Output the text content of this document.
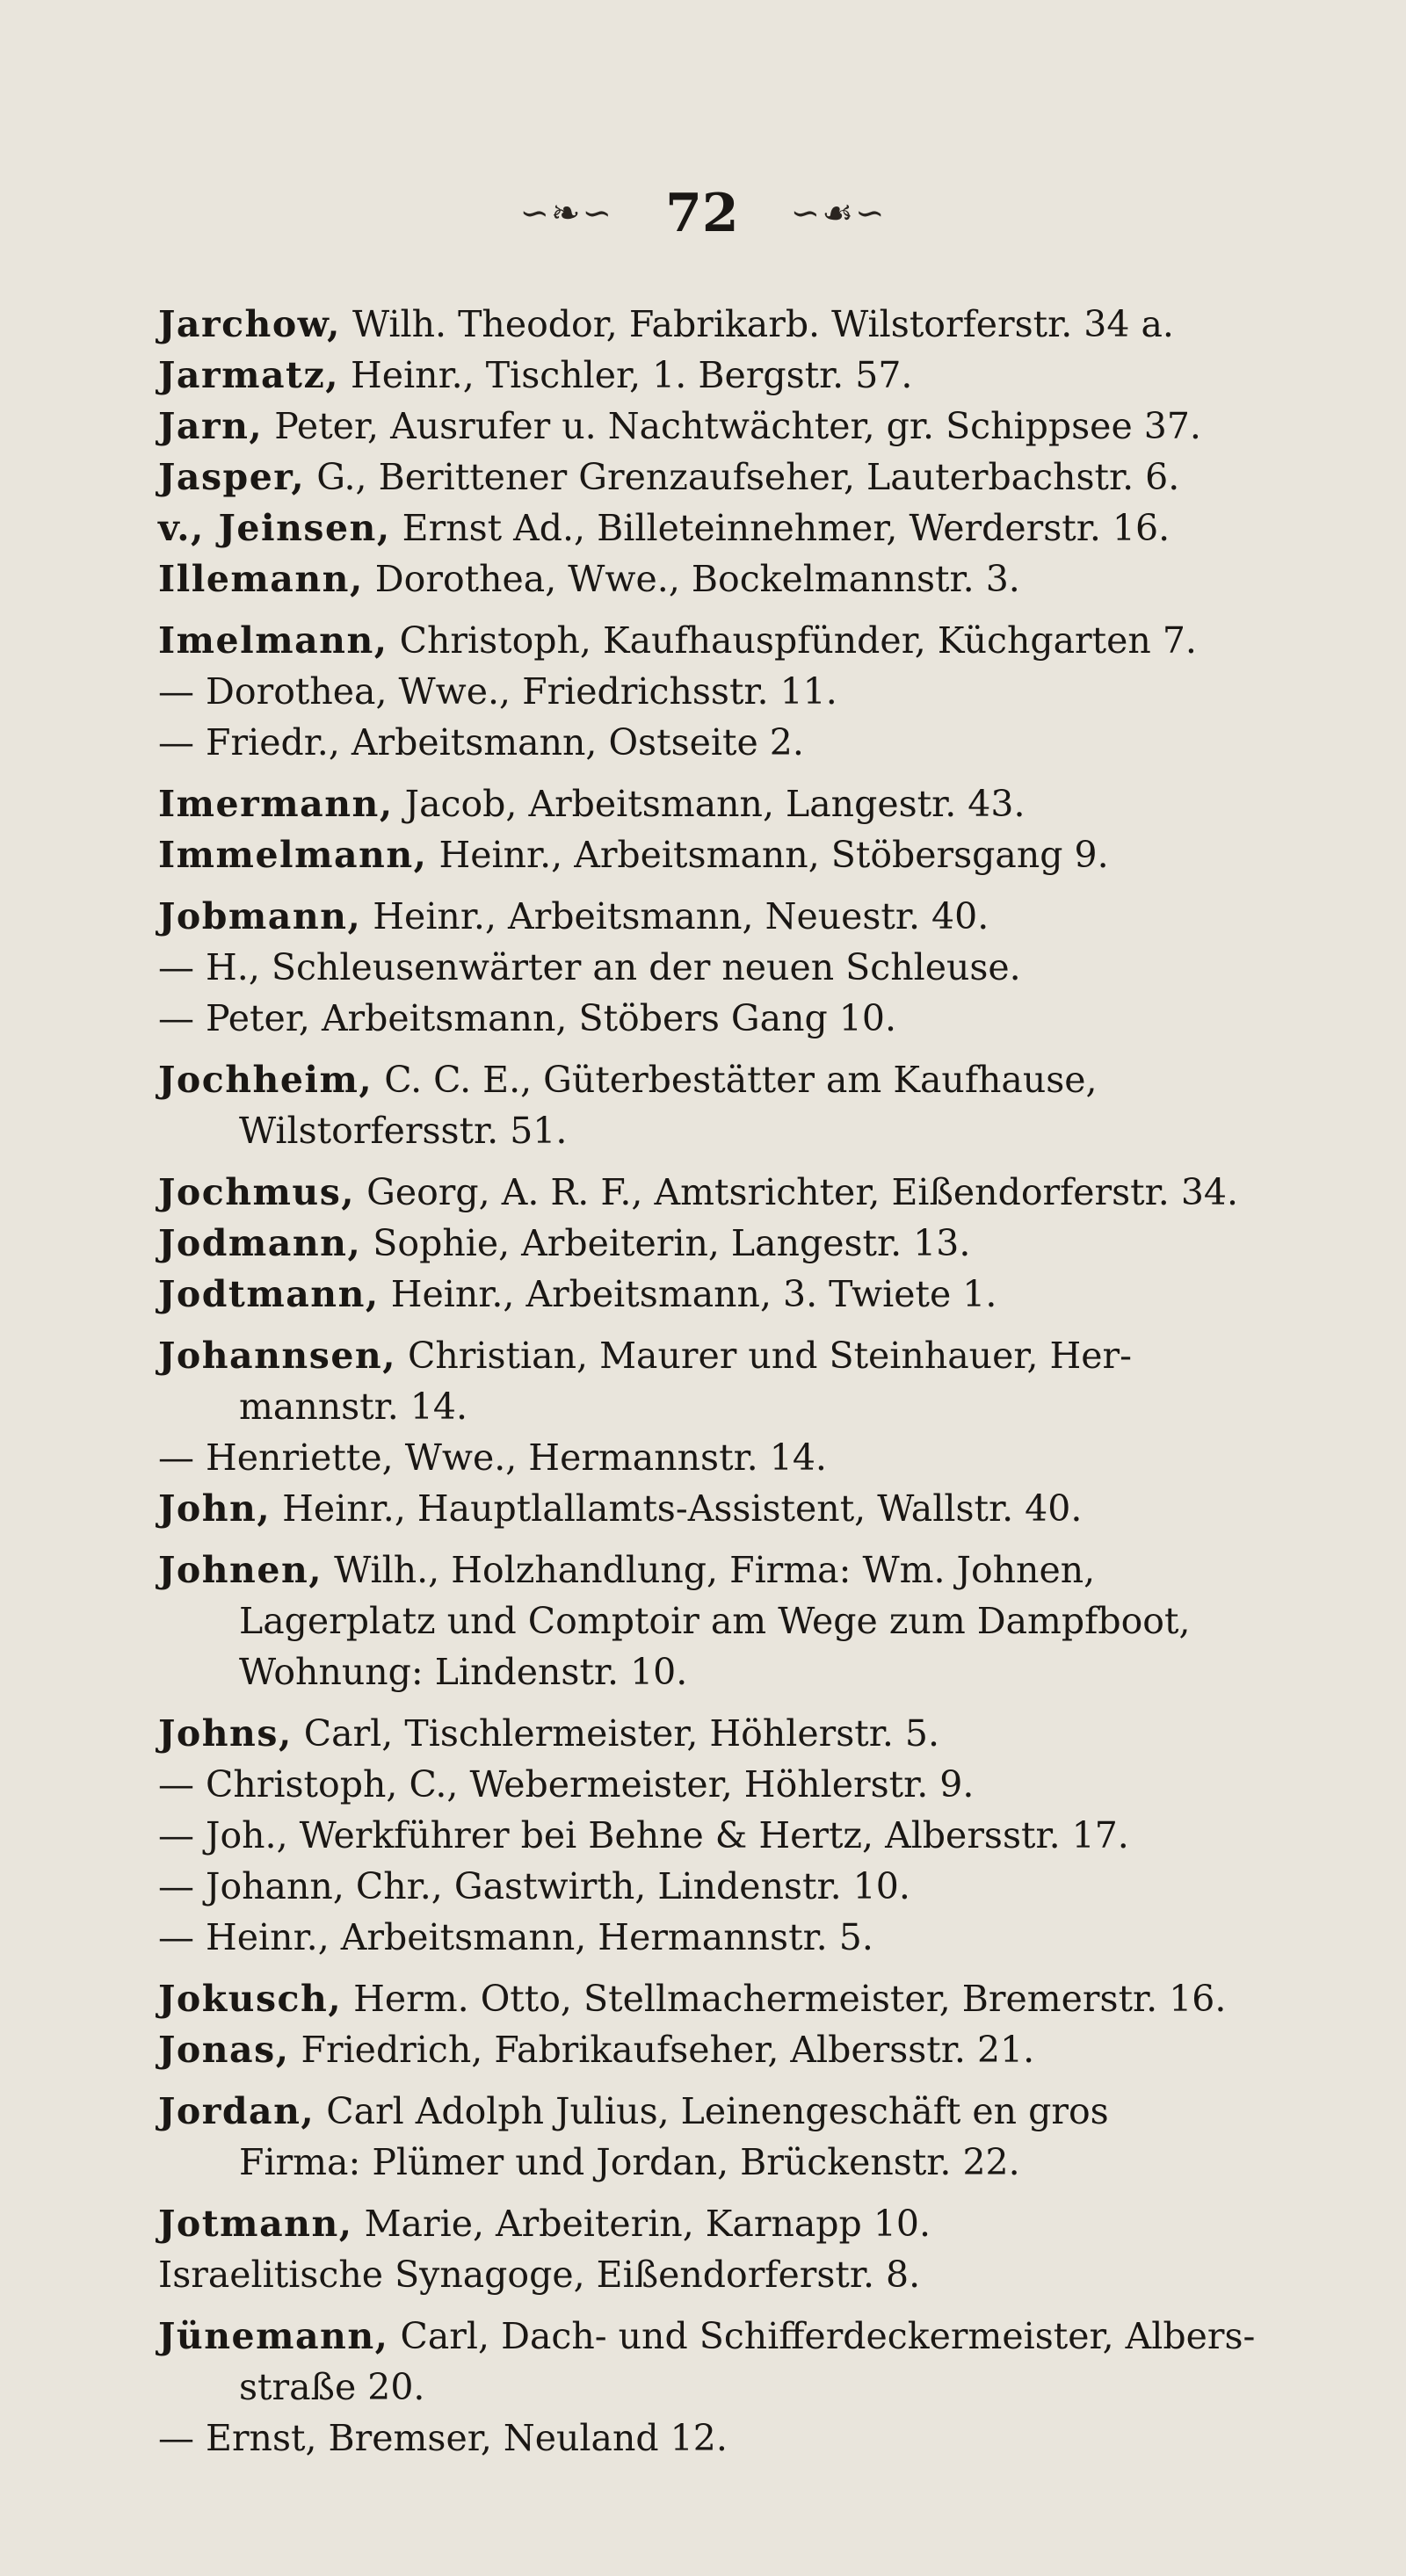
∽❧∽ 72 ∽☙∽
Jarchow, Wilh. Theodor, Fabrikarb. Wilstorferstr. 34 a.
Jarmatz, Heinr., Tischler, 1. Bergstr. 57.
Jarn, Peter, Ausrufer u. Nachtwächter, gr. Schippsee 37.
Jasper, G., Berittener Grenzaufseher, Lauterbachstr. 6.
v., Jeinsen, Ernst Ad., Billeteinnehmer, Werderstr. 16.
Illemann, Dorothea, Wwe., Bockelmannstr. 3.
Imelmann, Christoph, Kaufhauspfünder, Küchgarten 7.
— Dorothea, Wwe., Friedrichsstr. 11.
— Friedr., Arbeitsmann, Ostseite 2.
Imermann, Jacob, Arbeitsmann, Langestr. 43.
Immelmann, Heinr., Arbeitsmann, Stöbersgang 9.
Jobmann, Heinr., Arbeitsmann, Neuestr. 40.
— H., Schleusenwärter an der neuen Schleuse.
— Peter, Arbeitsmann, Stöbers Gang 10.
Jochheim, C. C. E., Güterbestätter am Kaufhause,
Wilstorfersstr. 51.
Jochmus, Georg, A. R. F., Amtsrichter, Eißendorferstr. 34.
Jodmann, Sophie, Arbeiterin, Langestr. 13.
Jodtmann, Heinr., Arbeitsmann, 3. Twiete 1.
Johannsen, Christian, Maurer und Steinhauer, Her-
mannstr. 14.
— Henriette, Wwe., Hermannstr. 14.
John, Heinr., Hauptlallamts-Assistent, Wallstr. 40.
Johnen, Wilh., Holzhandlung, Firma: Wm. Johnen,
Lagerplatz und Comptoir am Wege zum Dampfboot,
Wohnung: Lindenstr. 10.
Johns, Carl, Tischlermeister, Höhlerstr. 5.
— Christoph, C., Webermeister, Höhlerstr. 9.
— Joh., Werkführer bei Behne & Hertz, Albersstr. 17.
— Johann, Chr., Gastwirth, Lindenstr. 10.
— Heinr., Arbeitsmann, Hermannstr. 5.
Jokusch, Herm. Otto, Stellmachermeister, Bremerstr. 16.
Jonas, Friedrich, Fabrikaufseher, Albersstr. 21.
Jordan, Carl Adolph Julius, Leinengeschäft en gros
Firma: Plümer und Jordan, Brückenstr. 22.
Jotmann, Marie, Arbeiterin, Karnapp 10.
Israelitische Synagoge, Eißendorferstr. 8.
Jünemann, Carl, Dach- und Schifferdeckermeister, Albers-
straße 20.
— Ernst, Bremser, Neuland 12.
